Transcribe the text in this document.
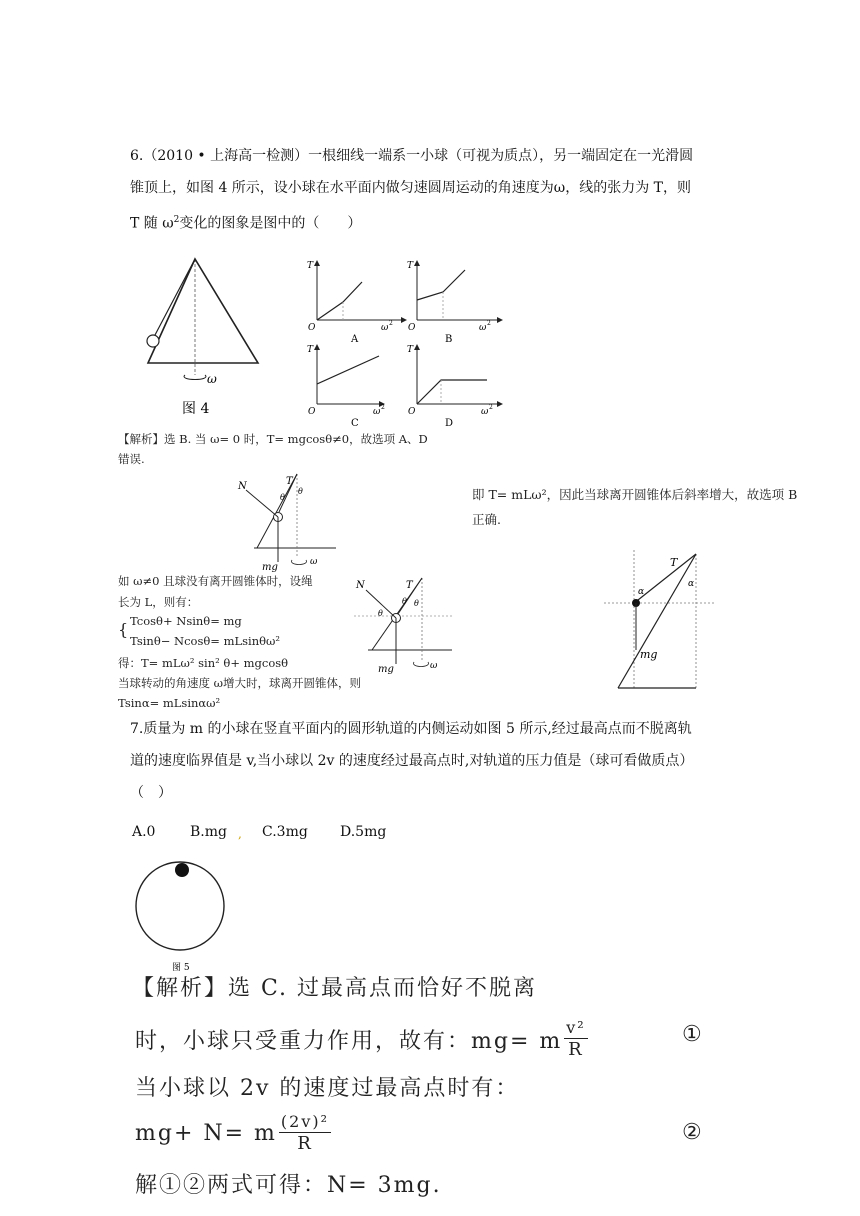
6.（2010 • 上海高一检测）一根细线一端系一小球（可视为质点），另一端固定在一光滑圆
锥顶上，如图 4 所示，设小球在水平面内做匀速圆周运动的角速度为ω，线的张力为 T，则
T 随 $\omega^2$变化的图象是图中的（　　）
ω
图 4
T
O	ω 2
A
T
O	ω 2
B
T
O	ω 2
C
T
O	ω 2
D
【解析】选 B. 当 ω= 0 时，T= mgcosθ≠0，故选项 A、D
错误.
如 ω≠0 且球没有离开圆锥体时，设绳
长为 L，则有：
{ Tcosθ+ Nsinθ= mg
Tsinθ− Ncosθ= mLsinθω²
得：T= mLω² sin² θ+ mgcosθ
当球转动的角速度 ω增大时，球离开圆锥体，则
Tsinα= mLsinαω²
即 T= mLω²，因此当球离开圆锥体后斜率增大，故选项 B
正确.
N	T
θ
θ
mg	ω
N	T
θ
θ θ
mg	ω
T
α
α
mg
7.质量为 m 的小球在竖直平面内的圆形轨道的内侧运动如图 5 所示,经过最高点而不脱离轨
道的速度临界值是 v,当小球以 2v 的速度经过最高点时,对轨道的压力值是（球可看做质点）
（　）
A.0 B.mg , C.3mg D.5mg
图 5
【解析】选 C. 过最高点而恰好不脱离
时，小球只受重力作用，故有：mg= m $\frac{\text{v²}}{R}$	①
当小球以 2v 的速度过最高点时有：
mg+ N= m $\frac{\text{(2v)²}}{R}$	②
解①②两式可得：N= 3mg.
